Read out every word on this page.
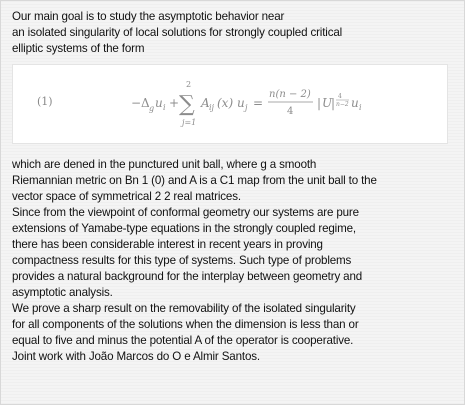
Our main goal is to study the asymptotic behavior near
an isolated singularity of local solutions for strongly coupled critical
elliptic systems of the form
(1)	−Δ g u i +
2
∑
j=1
A ij (x) u j =
n(n − 2)
4
| U
| 4
n−2 u i
which are dened in the punctured unit ball, where g a smooth
Riemannian metric on Bn 1 (0) and A is a C1 map from the unit ball to the
vector space of symmetrical 2 2 real matrices.
Since from the viewpoint of conformal geometry our systems are pure
extensions of Yamabe-type equations in the strongly coupled regime,
there has been considerable interest in recent years in proving
compactness results for this type of systems. Such type of problems
provides a natural background for the interplay between geometry and
asymptotic analysis.
We prove a sharp result on the removability of the isolated singularity
for all components of the solutions when the dimension is less than or
equal to five and minus the potential A of the operator is cooperative.
Joint work with João Marcos do O e Almir Santos.
